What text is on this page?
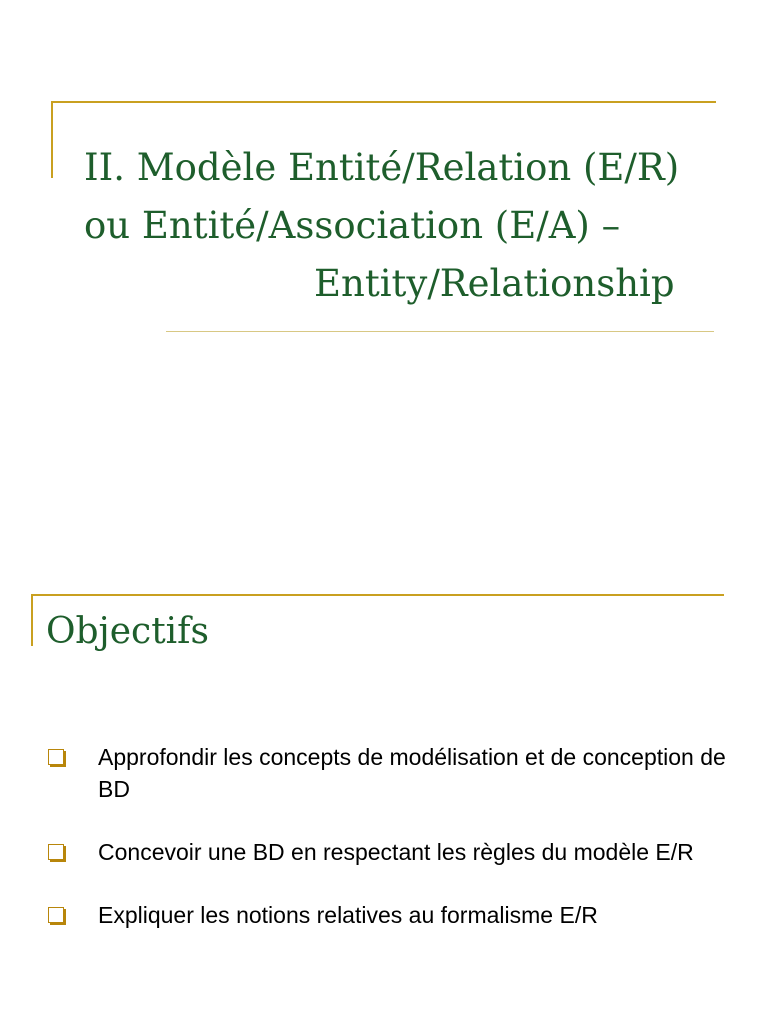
II. Modèle Entité/Relation (E/R)
ou Entité/Association (E/A) –
Entity/Relationship
Objectifs
Approfondir les concepts de modélisation et de conception de BD
Concevoir une BD en respectant les règles du modèle E/R
Expliquer les notions relatives au formalisme E/R
